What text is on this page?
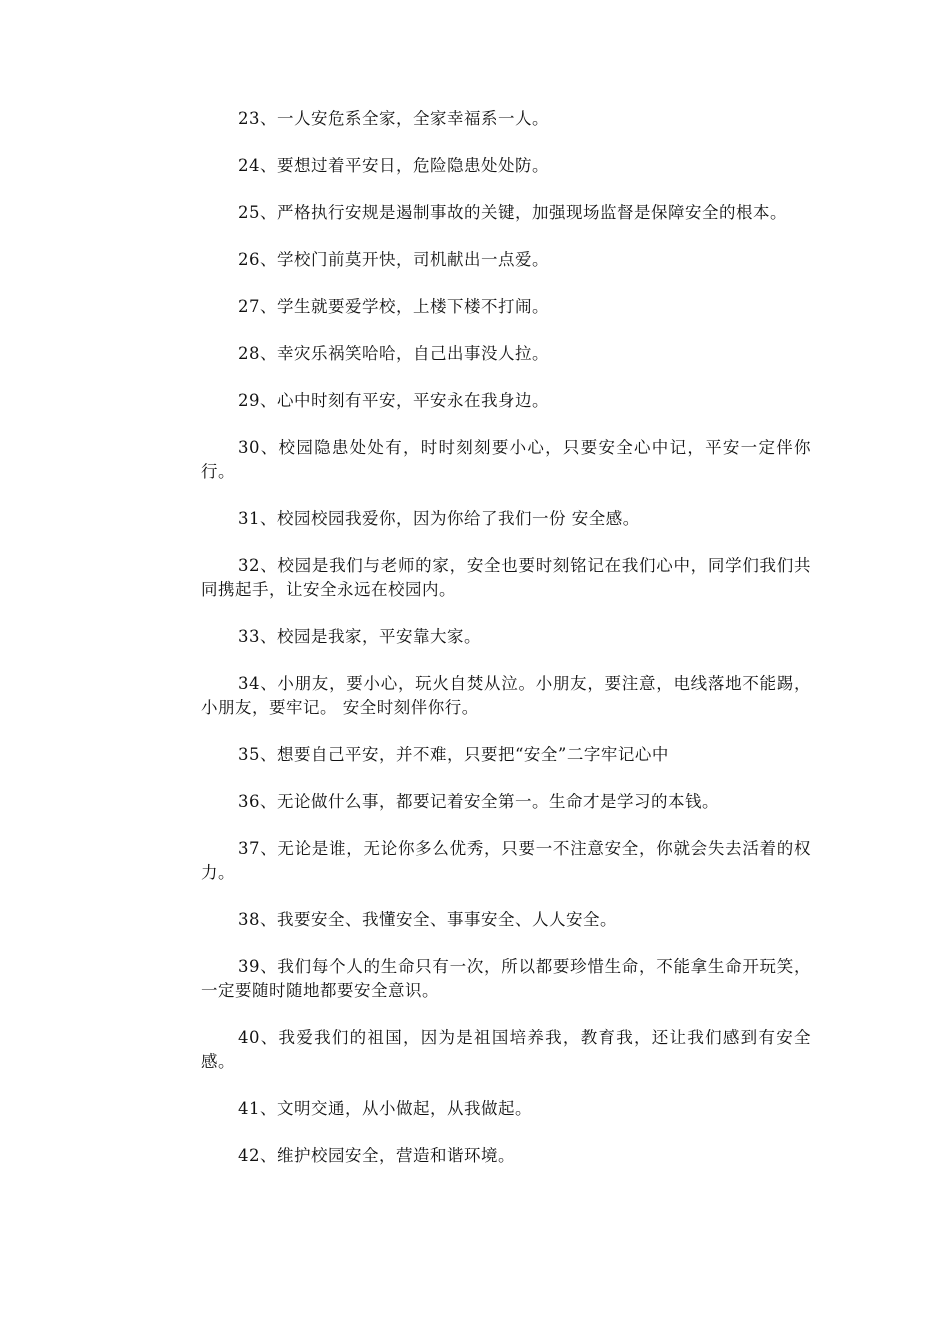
23、一人安危系全家，全家幸福系一人。

24、要想过着平安日，危险隐患处处防。

25、严格执行安规是遏制事故的关键，加强现场监督是保障安全的根本。

26、学校门前莫开快，司机献出一点爱。

27、学生就要爱学校，上楼下楼不打闹。

28、幸灾乐祸笑哈哈，自己出事没人拉。

29、心中时刻有平安，平安永在我身边。

30、校园隐患处处有，时时刻刻要小心，只要安全心中记，平安一定伴你行。

31、校园校园我爱你，因为你给了我们一份 安全感。

32、校园是我们与老师的家，安全也要时刻铭记在我们心中，同学们我们共同携起手，让安全永远在校园内。

33、校园是我家，平安靠大家。

34、小朋友，要小心，玩火自焚从泣。小朋友，要注意，电线落地不能踢，小朋友，要牢记。 安全时刻伴你行。

35、想要自己平安，并不难，只要把“安全”二字牢记心中

36、无论做什么事，都要记着安全第一。生命才是学习的本钱。

37、无论是谁，无论你多么优秀，只要一不注意安全，你就会失去活着的权力。

38、我要安全、我懂安全、事事安全、人人安全。

39、我们每个人的生命只有一次，所以都要珍惜生命，不能拿生命开玩笑，一定要随时随地都要安全意识。

40、我爱我们的祖国，因为是祖国培养我，教育我，还让我们感到有安全感。

41、文明交通，从小做起，从我做起。

42、维护校园安全，营造和谐环境。
